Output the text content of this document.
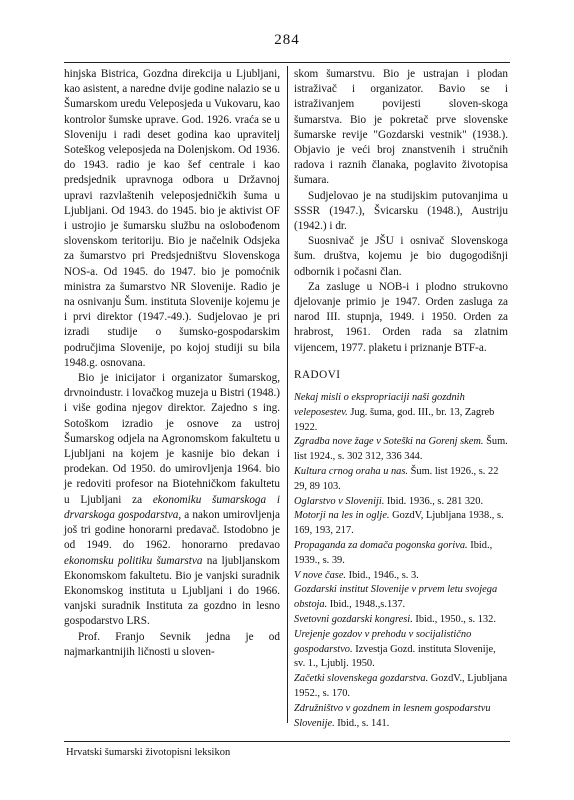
284

hinjska Bistrica, Gozdna direkcija u Ljubljani, kao asistent, a naredne dvije godine nalazio se u Šumarskom uredu Veleposjeda u Vukovaru, kao kontrolor šumske uprave. God. 1926. vraća se u Sloveniju i radi deset godina kao upravitelj Soteškog veleposjeda na Dolenjskom. Od 1936. do 1943. radio je kao šef centrale i kao predsjednik upravnoga odbora u Državnoj upravi razvlaštenih veleposjedničkih šuma u Ljubljani. Od 1943. do 1945. bio je aktivist OF i ustrojio je šumarsku službu na oslobođenom slovenskom teritoriju. Bio je načelnik Odsjeka za šumarstvo pri Predsjedništvu Slovenskoga NOS-a. Od 1945. do 1947. bio je pomoćnik ministra za šumarstvo NR Slovenije. Radio je na osnivanju Šum. instituta Slovenije kojemu je i prvi direktor (1947.-49.). Sudjelovao je pri izradi studije o šumsko-gospodarskim područjima Slovenije, po kojoj studiji su bila 1948.g. osnovana.

Bio je inicijator i organizator šumarskog, drvnoindustr. i lovačkog muzeja u Bistri (1948.) i više godina njegov direktor. Zajedno s ing. Sotoškom izradio je osnove za ustroj Šumarskog odjela na Agronomskom fakultetu u Ljubljani na kojem je kasnije bio dekan i prodekan. Od 1950. do umirovljenja 1964. bio je redoviti profesor na Biotehničkom fakultetu u Ljubljani za ekonomiku šumarskoga i drvarskoga gospodarstva, a nakon umirovljenja još tri godine honorarni predavač. Istodobno je od 1949. do 1962. honorarno predavao ekonomsku politiku šumarstva na ljubljanskom Ekonomskom fakultetu. Bio je vanjski suradnik Ekonomskog instituta u Ljubljani i do 1966. vanjski suradnik Instituta za gozdno in lesno gospodarstvo LRS.

Prof. Franjo Sevnik jedna je od najmarkantnijih ličnosti u sloven-

skom šumarstvu. Bio je ustrajan i plodan istraživač i organizator. Bavio se i istraživanjem povijesti sloven-skoga šumarstva. Bio je pokretač prve slovenske šumarske revije "Gozdarski vestnik" (1938.). Objavio je veći broj znanstvenih i stručnih radova i raznih članaka, poglavito životopisa šumara.

Sudjelovao je na studijskim putovanjima u SSSR (1947.), Švicarsku (1948.), Austriju (1942.) i dr.

Suosnivač je JŠU i osnivač Slovenskoga šum. društva, kojemu je bio dugogodišnji odbornik i počasni član.

Za zasluge u NOB-i i plodno strukovno djelovanje primio je 1947. Orden zasluga za narod III. stupnja, 1949. i 1950. Orden za hrabrost, 1961. Orden rada sa zlatnim vijencem, 1977. plaketu i priznanje BTF-a.

RADOVI

Nekaj misli o ekspropriaciji naši gozdnih veleposestev. Jug. šuma, god. III., br. 13, Zagreb 1922.

Zgradba nove žage v Soteški na Gorenj skem. Šum. list 1924., s. 302 312, 336 344.

Kultura crnog oraha u nas. Šum. list 1926., s. 22 29, 89 103.

Oglarstvo v Sloveniji. Ibid. 1936., s. 281 320.

Motorji na les in oglje. GozdV, Ljubljana 1938., s. 169, 193, 217.

Propaganda za domača pogonska goriva. Ibid., 1939., s. 39.

V nove čase. Ibid., 1946., s. 3.

Gozdarski institut Slovenije v prvem letu svojega obstoja. Ibid., 1948.,s.137.

Svetovni gozdarski kongresi. Ibid., 1950., s. 132.

Urejenje gozdov v prehodu v socijalistično gospodarstvo. Izvestja Gozd. instituta Slovenije, sv. 1., Ljublj. 1950.

Začetki slovenskega gozdarstva. GozdV., Ljubljana 1952., s. 170.

Združništvo v gozdnem in lesnem gospodarstvu Slovenije. Ibid., s. 141.

Hrvatski šumarski životopisni leksikon
